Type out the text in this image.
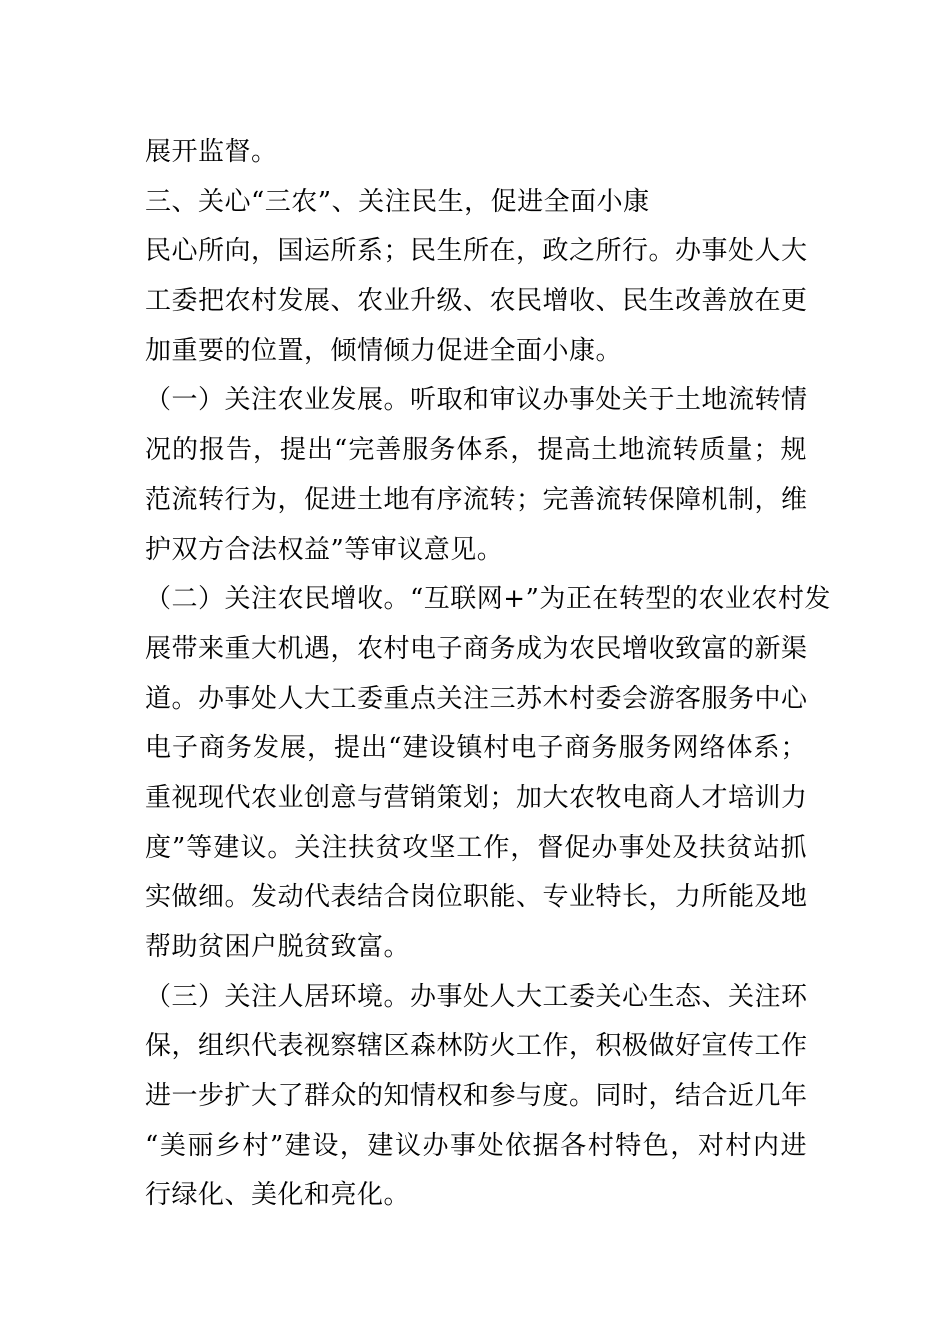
展开监督。
三、关心“三农”、关注民生，促进全面小康
民心所向，国运所系；民生所在，政之所行。办事处人大
工委把农村发展、农业升级、农民增收、民生改善放在更
加重要的位置，倾情倾力促进全面小康。
（一）关注农业发展。听取和审议办事处关于土地流转情
况的报告，提出“完善服务体系，提高土地流转质量；规
范流转行为，促进土地有序流转；完善流转保障机制，维
护双方合法权益”等审议意见。
（二）关注农民增收。“互联网+”为正在转型的农业农村发
展带来重大机遇，农村电子商务成为农民增收致富的新渠
道。办事处人大工委重点关注三苏木村委会游客服务中心
电子商务发展，提出“建设镇村电子商务服务网络体系；
重视现代农业创意与营销策划；加大农牧电商人才培训力
度”等建议。关注扶贫攻坚工作，督促办事处及扶贫站抓
实做细。发动代表结合岗位职能、专业特长，力所能及地
帮助贫困户脱贫致富。
（三）关注人居环境。办事处人大工委关心生态、关注环
保，组织代表视察辖区森林防火工作，积极做好宣传工作
进一步扩大了群众的知情权和参与度。同时，结合近几年
“美丽乡村”建设，建议办事处依据各村特色，对村内进
行绿化、美化和亮化。
